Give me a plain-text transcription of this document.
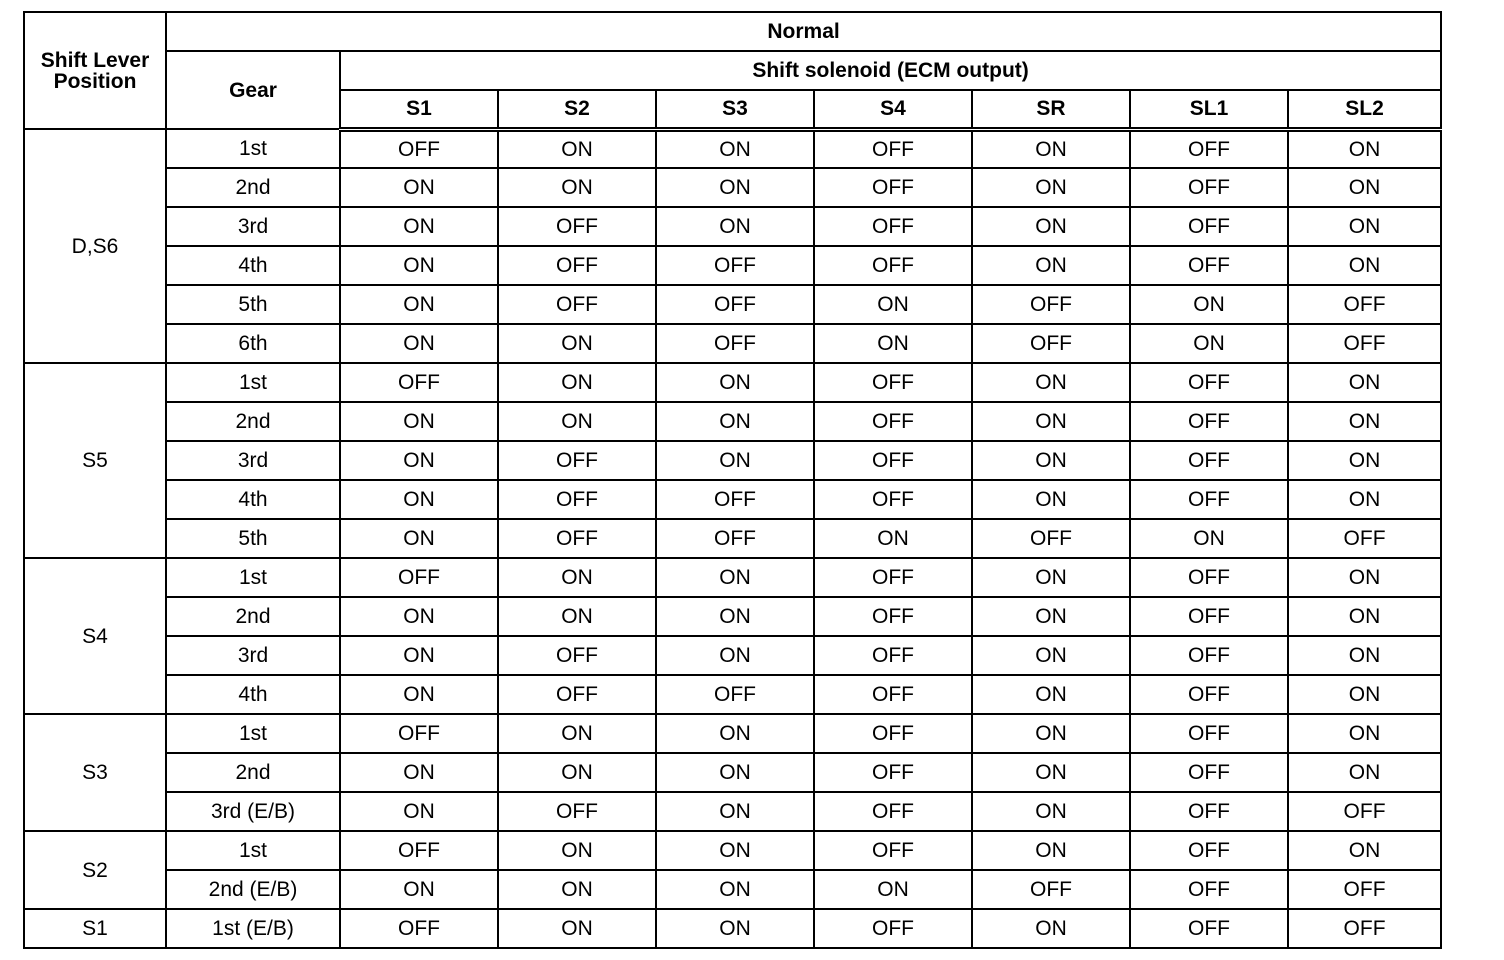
Shift Lever
Position	Normal							
	Gear	Shift solenoid (ECM output)						
		S1	S2	S3	S4	SR	SL1	SL2
D,S6	1st	OFF	ON	ON	OFF	ON	OFF	ON
	2nd	ON	ON	ON	OFF	ON	OFF	ON
	3rd	ON	OFF	ON	OFF	ON	OFF	ON
	4th	ON	OFF	OFF	OFF	ON	OFF	ON
	5th	ON	OFF	OFF	ON	OFF	ON	OFF
	6th	ON	ON	OFF	ON	OFF	ON	OFF
S5	1st	OFF	ON	ON	OFF	ON	OFF	ON
	2nd	ON	ON	ON	OFF	ON	OFF	ON
	3rd	ON	OFF	ON	OFF	ON	OFF	ON
	4th	ON	OFF	OFF	OFF	ON	OFF	ON
	5th	ON	OFF	OFF	ON	OFF	ON	OFF
S4	1st	OFF	ON	ON	OFF	ON	OFF	ON
	2nd	ON	ON	ON	OFF	ON	OFF	ON
	3rd	ON	OFF	ON	OFF	ON	OFF	ON
	4th	ON	OFF	OFF	OFF	ON	OFF	ON
S3	1st	OFF	ON	ON	OFF	ON	OFF	ON
	2nd	ON	ON	ON	OFF	ON	OFF	ON
	3rd (E/B)	ON	OFF	ON	OFF	ON	OFF	OFF
S2	1st	OFF	ON	ON	OFF	ON	OFF	ON
	2nd (E/B)	ON	ON	ON	ON	OFF	OFF	OFF
S1	1st (E/B)	OFF	ON	ON	OFF	ON	OFF	OFF
